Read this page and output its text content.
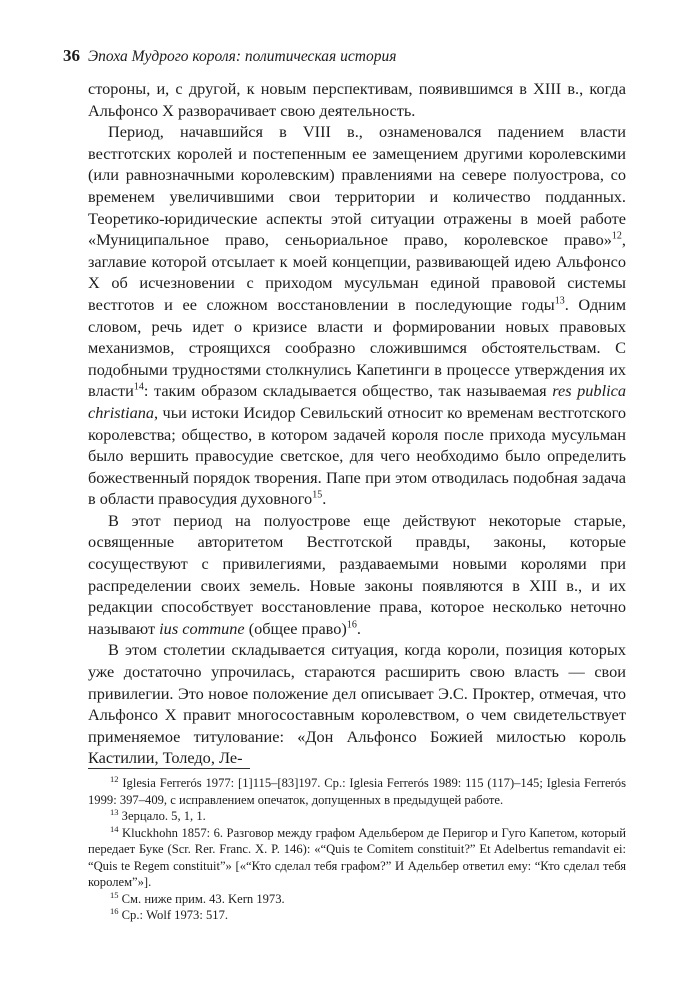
36 Эпоха Мудрого короля: политическая история

стороны, и, с другой, к новым перспективам, появившимся в XIII в., когда Альфонсо X разворачивает свою деятельность.

Период, начавшийся в VIII в., ознаменовался падением власти вестготских королей и постепенным ее замещением другими королевскими (или равнозначными королевским) правлениями на севере полуострова, со временем увеличившими свои территории и количество подданных. Теоретико-юридические аспекты этой ситуации отражены в моей работе «Муниципальное право, сеньориальное право, королевское право»$^{12}$, заглавие которой отсылает к моей концепции, развивающей идею Альфонсо X об исчезновении с приходом мусульман единой правовой системы вестготов и ее сложном восстановлении в последующие годы$^{13}$. Одним словом, речь идет о кризисе власти и формировании новых правовых механизмов, строящихся сообразно сложившимся обстоятельствам. С подобными трудностями столкнулись Капетинги в процессе утверждения их власти$^{14}$: таким образом складывается общество, так называемая res publica christiana, чьи истоки Исидор Севильский относит ко временам вестготского королевства; общество, в котором задачей короля после прихода мусульман было вершить правосудие светское, для чего необходимо было определить божественный порядок творения. Папе при этом отводилась подобная задача в области правосудия духовного$^{15}$.

В этот период на полуострове еще действуют некоторые старые, освященные авторитетом Вестготской правды, законы, которые сосуществуют с привилегиями, раздаваемыми новыми королями при распределении своих земель. Новые законы появляются в XIII в., и их редакции способствует восстановление права, которое несколько неточно называют ius commune (общее право)$^{16}$.

В этом столетии складывается ситуация, когда короли, позиция которых уже достаточно упрочилась, стараются расширить свою власть — свои привилегии. Это новое положение дел описывает Э.С. Проктер, отмечая, что Альфонсо X правит многосоставным королевством, о чем свидетельствует применяемое титулование: «Дон Альфонсо Божией милостью король Кастилии, Толедо, Ле-

$^{12}$ Iglesia Ferrerós 1977: [1]115–[83]197. Ср.: Iglesia Ferrerós 1989: 115 (117)–145; Iglesia Ferrerós 1999: 397–409, с исправлением опечаток, допущенных в предыдущей работе.

$^{13}$ Зерцало. 5, 1, 1.

$^{14}$ Kluckhohn 1857: 6. Разговор между графом Адельбером де Перигор и Гуго Капетом, который передает Буке (Scr. Rer. Franc. X. P. 146): «“Quis te Comitem constituit?” Et Adelbertus remandavit ei: “Quis te Regem constituit”» [«“Кто сделал тебя графом?” И Адельбер ответил ему: “Кто сделал тебя королем”»].

$^{15}$ См. ниже прим. 43. Kern 1973.

$^{16}$ Ср.: Wolf 1973: 517.
